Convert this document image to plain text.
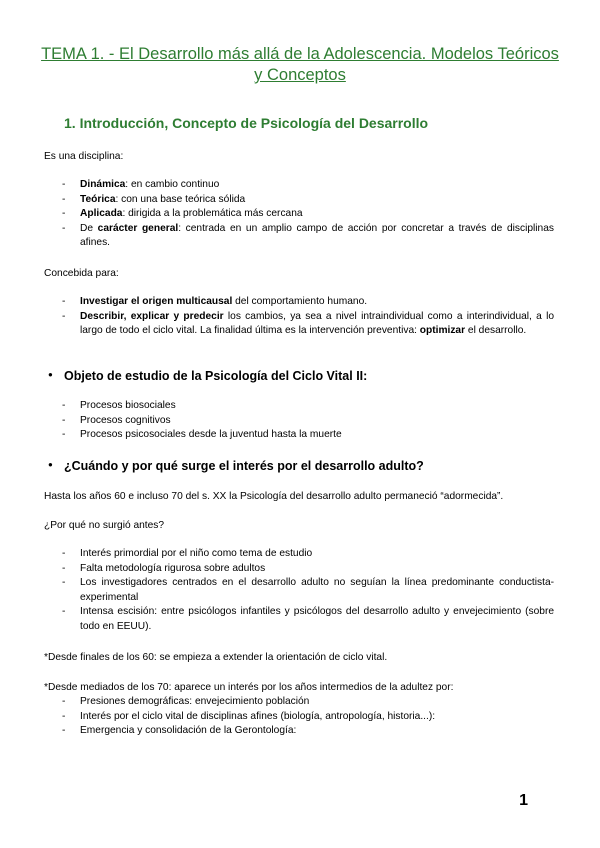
TEMA 1. - El Desarrollo más allá de la Adolescencia. Modelos Teóricos y Conceptos
1. Introducción, Concepto de Psicología del Desarrollo

Es una disciplina:

- Dinámica: en cambio continuo
- Teórica: con una base teórica sólida
- Aplicada: dirigida a la problemática más cercana
- De carácter general: centrada en un amplio campo de acción por concretar a través de disciplinas afines.

Concebida para:

- Investigar el origen multicausal del comportamiento humano.
- Describir, explicar y predecir los cambios, ya sea a nivel intraindividual como a interindividual, a lo largo de todo el ciclo vital. La finalidad última es la intervención preventiva: optimizar el desarrollo.
● Objeto de estudio de la Psicología del Ciclo Vital II:
- Procesos biosociales
- Procesos cognitivos
- Procesos psicosociales desde la juventud hasta la muerte
● ¿Cuándo y por qué surge el interés por el desarrollo adulto?

Hasta los años 60 e incluso 70 del s. XX la Psicología del desarrollo adulto permaneció “adormecida”.

¿Por qué no surgió antes?

- Interés primordial por el niño como tema de estudio
- Falta metodología rigurosa sobre adultos
- Los investigadores centrados en el desarrollo adulto no seguían la línea predominante conductista-experimental
- Intensa escisión: entre psicólogos infantiles y psicólogos del desarrollo adulto y envejecimiento (sobre todo en EEUU).

*Desde finales de los 60: se empieza a extender la orientación de ciclo vital.

*Desde mediados de los 70: aparece un interés por los años intermedios de la adultez por:

- Presiones demográficas: envejecimiento población
- Interés por el ciclo vital de disciplinas afines (biología, antropología, historia...):
- Emergencia y consolidación de la Gerontología:

1
